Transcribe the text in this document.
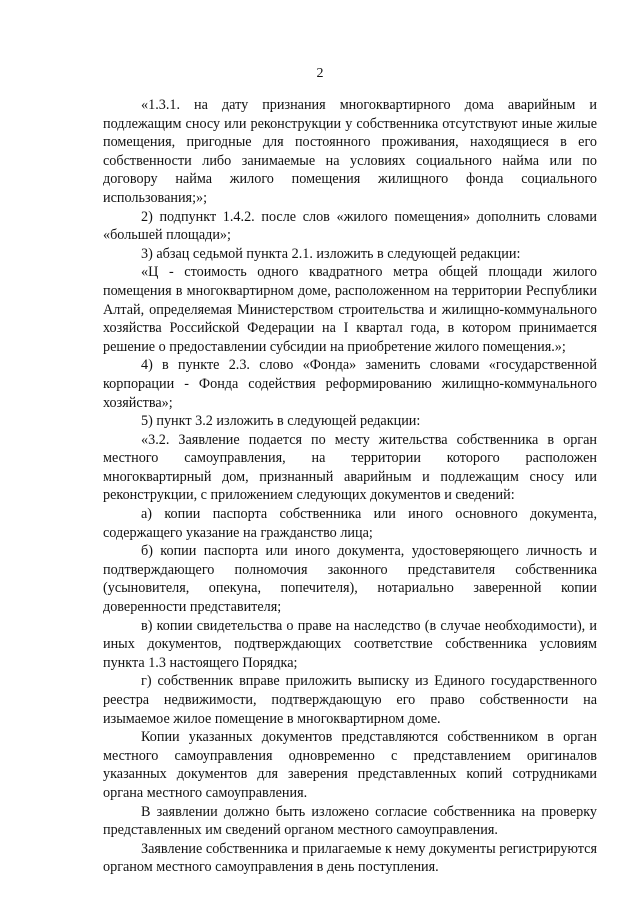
2

«1.3.1. на дату признания многоквартирного дома аварийным и подлежащим сносу или реконструкции у собственника отсутствуют иные жилые помещения, пригодные для постоянного проживания, находящиеся в его собственности либо занимаемые на условиях социального найма или по договору найма жилого помещения жилищного фонда социального использования;»;

2) подпункт 1.4.2. после слов «жилого помещения» дополнить словами «большей площади»;

3) абзац седьмой пункта 2.1. изложить в следующей редакции:

«Ц - стоимость одного квадратного метра общей площади жилого помещения в многоквартирном доме, расположенном на территории Республики Алтай, определяемая Министерством строительства и жилищно-коммунального хозяйства Российской Федерации на I квартал года, в котором принимается решение о предоставлении субсидии на приобретение жилого помещения.»;

4) в пункте 2.3. слово «Фонда» заменить словами «государственной корпорации - Фонда содействия реформированию жилищно-коммунального хозяйства»;

5) пункт 3.2 изложить в следующей редакции:

«3.2. Заявление подается по месту жительства собственника в орган местного самоуправления, на территории которого расположен многоквартирный дом, признанный аварийным и подлежащим сносу или реконструкции, с приложением следующих документов и сведений:

а) копии паспорта собственника или иного основного документа, содержащего указание на гражданство лица;

б) копии паспорта или иного документа, удостоверяющего личность и подтверждающего полномочия законного представителя собственника (усыновителя, опекуна, попечителя), нотариально заверенной копии доверенности представителя;

в) копии свидетельства о праве на наследство (в случае необходимости), и иных документов, подтверждающих соответствие собственника условиям пункта 1.3 настоящего Порядка;

г) собственник вправе приложить выписку из Единого государственного реестра недвижимости, подтверждающую его право собственности на изымаемое жилое помещение в многоквартирном доме.

Копии указанных документов представляются собственником в орган местного самоуправления одновременно с представлением оригиналов указанных документов для заверения представленных копий сотрудниками органа местного самоуправления.

В заявлении должно быть изложено согласие собственника на проверку представленных им сведений органом местного самоуправления.

Заявление собственника и прилагаемые к нему документы регистрируются органом местного самоуправления в день поступления.
